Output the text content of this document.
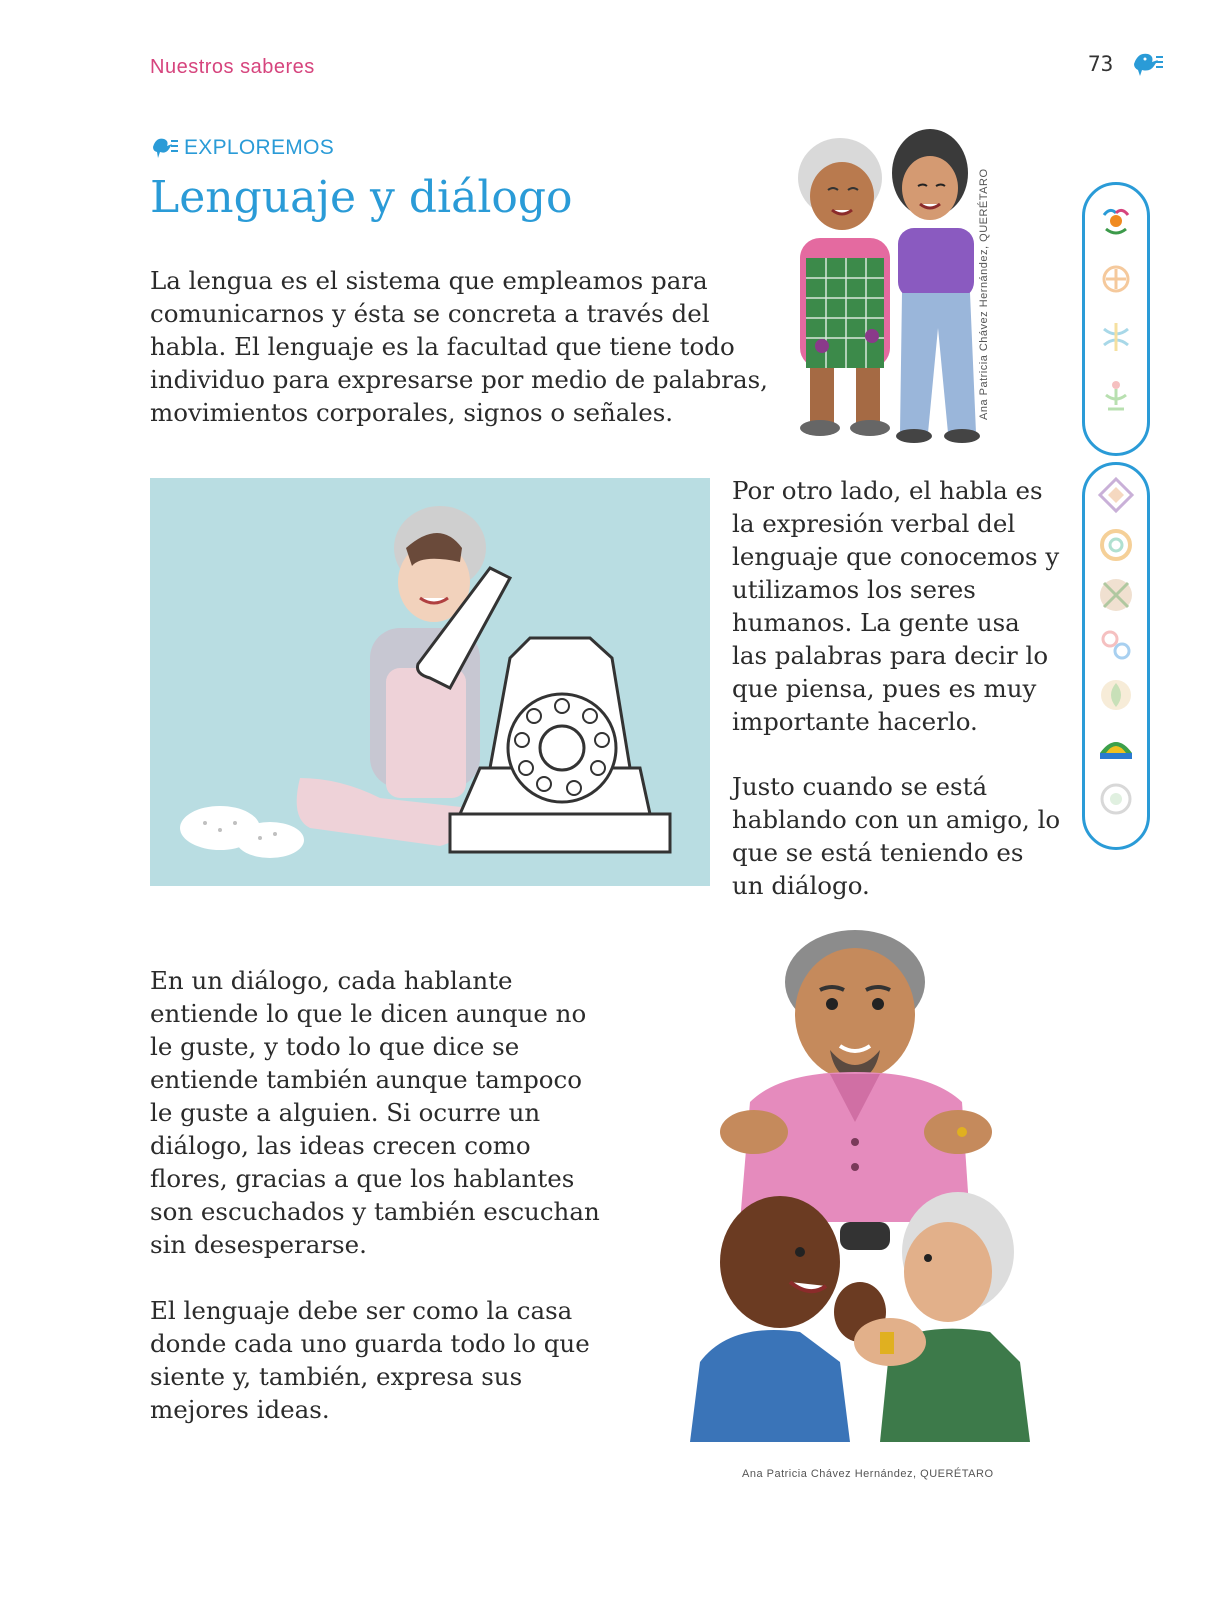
Nuestros saberes	73
EXPLOREMOS
Lenguaje y diálogo

La lengua es el sistema que empleamos para comunicarnos y ésta se concreta a través del habla. El lenguaje es la facultad que tiene todo individuo para expresarse por medio de palabras, movimientos corporales, signos o señales.

Por otro lado, el habla es la expresión verbal del lenguaje que conocemos y utilizamos los seres humanos. La gente usa las palabras para decir lo que piensa, pues es muy importante hacerlo.

Justo cuando se está hablando con un amigo, lo que se está teniendo es un diálogo.

En un diálogo, cada hablante entiende lo que le dicen aunque no le guste, y todo lo que dice se entiende también aunque tampoco le guste a alguien. Si ocurre un diálogo, las ideas crecen como flores, gracias a que los hablantes son escuchados y también escuchan sin desesperarse.

El lenguaje debe ser como la casa donde cada uno guarda todo lo que siente y, también, expresa sus mejores ideas.

Ana Patricia Chávez Hernández, QUERÉTARO
Ana Patricia Chávez Hernández, QUERÉTARO
